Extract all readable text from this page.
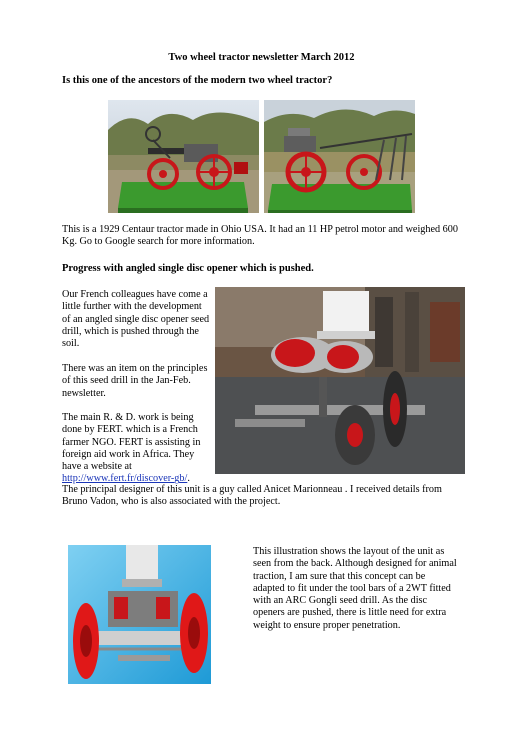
Two wheel tractor newsletter March 2012
Is this one of the ancestors of the modern two wheel tractor?
This is a 1929 Centaur tractor made in Ohio USA. It had an 11 HP petrol motor and weighed 600 Kg. Go to Google search for more information.
Progress with angled single disc opener which is pushed.
Our French colleagues have come a little further with the development of an angled single disc opener seed drill, which is pushed through the soil.
There was an item on the principles of this seed drill in the Jan-Feb. newsletter.
The main R. & D. work is being done by FERT. which is a French farmer NGO. FERT is assisting in foreign aid work in Africa. They have a website at http://www.fert.fr/discover-gb/.
The principal designer of this unit is a guy called Anicet Marionneau . I received details from Bruno Vadon, who is also associated with the project.
This illustration shows the layout of the unit as seen from the back. Although designed for animal traction, I am sure that this concept can be adapted to fit under the tool bars of a 2WT fitted with an ARC Gongli seed drill. As the disc openers are pushed, there is little need for extra weight to ensure proper penetration.
